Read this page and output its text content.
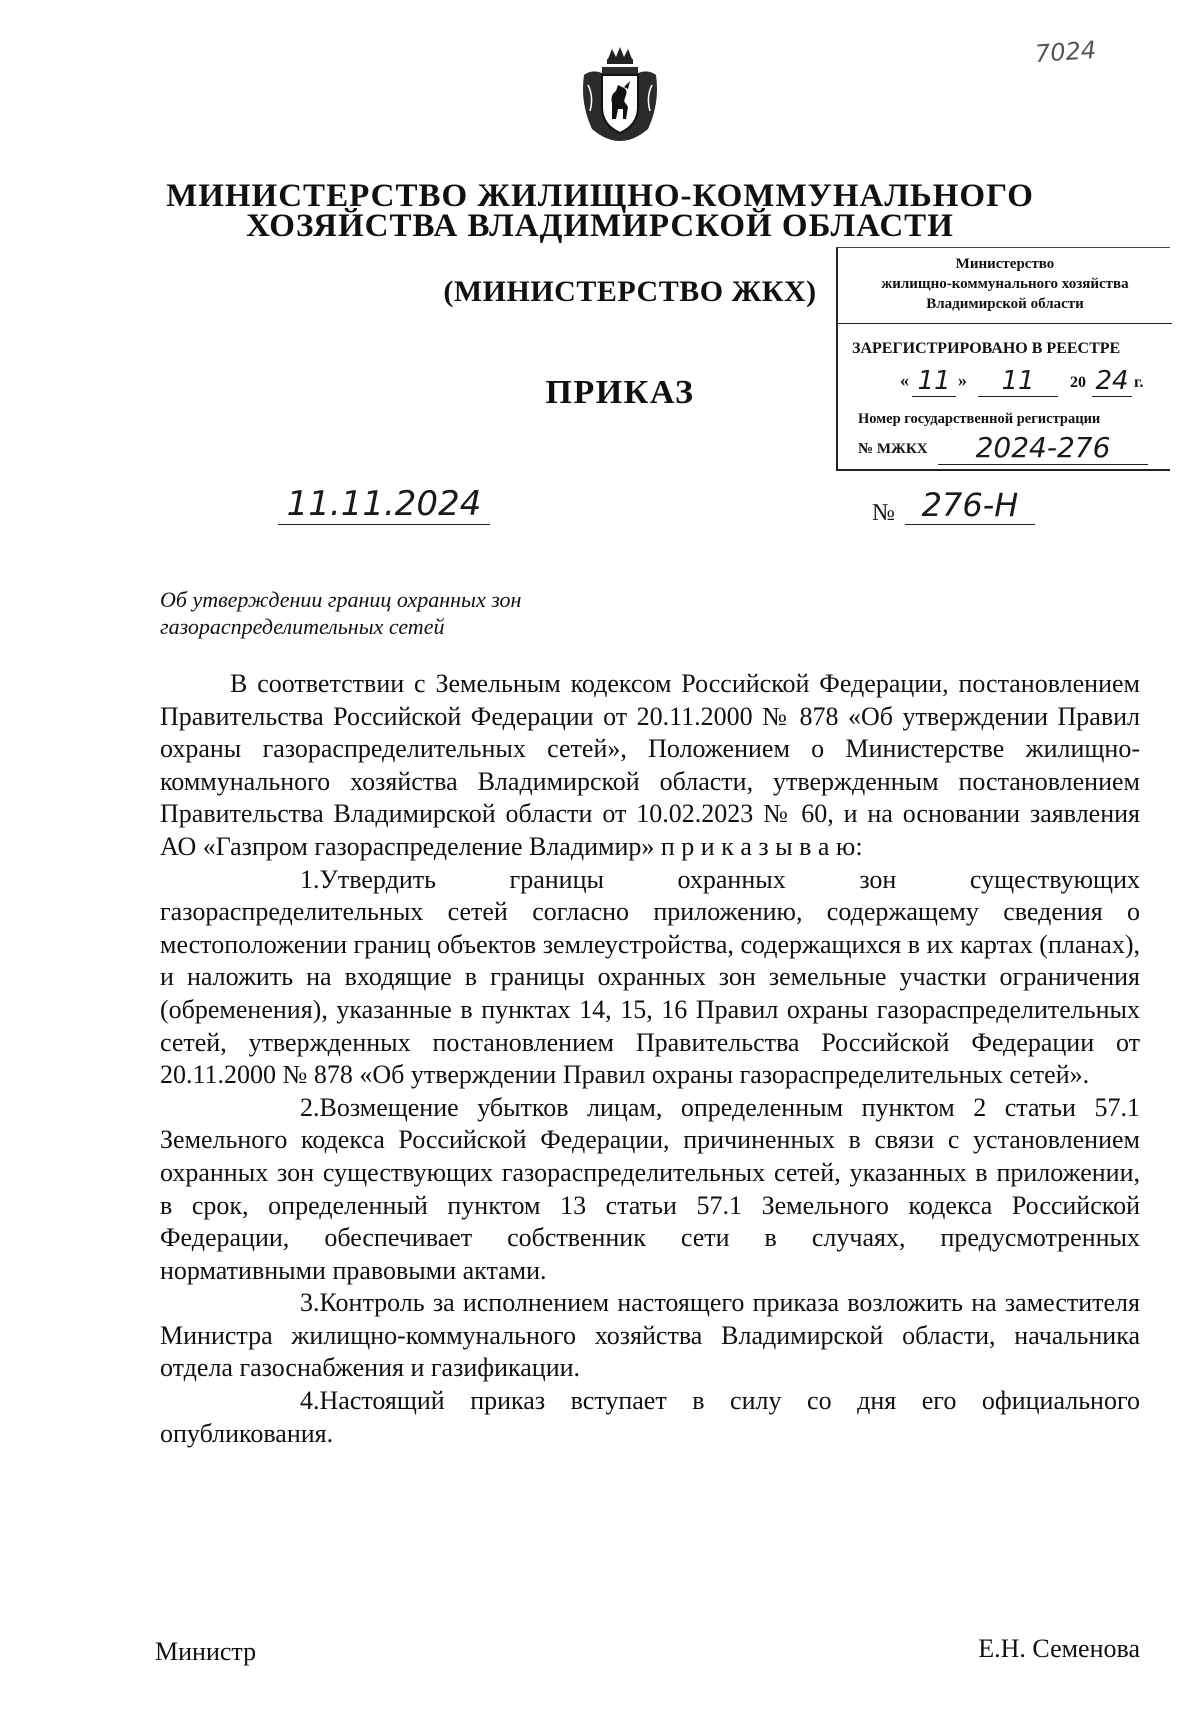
7024
МИНИСТЕРСТВО ЖИЛИЩНО-КОММУНАЛЬНОГО
ХОЗЯЙСТВА ВЛАДИМИРСКОЙ ОБЛАСТИ
(МИНИСТЕРСТВО ЖКХ)
ПРИКАЗ
Министерство
жилищно-коммунального хозяйства
Владимирской области
ЗАРЕГИСТРИРОВАНО В РЕЕСТРЕ
« 11 »	11	20 24 г.
Номер государственной регистрации
№ МЖКХ	2024-276
11.11.2024	№ 276-Н
Об утверждении границ охранных зон
газораспределительных сетей

В соответствии с Земельным кодексом Российской Федерации, постановлением Правительства Российской Федерации от 20.11.2000 № 878 «Об утверждении Правил охраны газораспределительных сетей», Положением о Министерстве жилищно-коммунального хозяйства Владимирской области, утвержденным постановлением Правительства Владимирской области от 10.02.2023 № 60, и на основании заявления АО «Газпром газораспределение Владимир» п р и к а з ы в а ю:

1.Утвердить границы охранных зон существующих газораспределительных сетей согласно приложению, содержащему сведения о местоположении границ объектов землеустройства, содержащихся в их картах (планах), и наложить на входящие в границы охранных зон земельные участки ограничения (обременения), указанные в пунктах 14, 15, 16 Правил охраны газораспределительных сетей, утвержденных постановлением Правительства Российской Федерации от 20.11.2000 № 878 «Об утверждении Правил охраны газораспределительных сетей».

2.Возмещение убытков лицам, определенным пунктом 2 статьи 57.1 Земельного кодекса Российской Федерации, причиненных в связи с установлением охранных зон существующих газораспределительных сетей, указанных в приложении, в срок, определенный пунктом 13 статьи 57.1 Земельного кодекса Российской Федерации, обеспечивает собственник сети в случаях, предусмотренных нормативными правовыми актами.

3.Контроль за исполнением настоящего приказа возложить на заместителя Министра жилищно-коммунального хозяйства Владимирской области, начальника отдела газоснабжения и газификации.

4.Настоящий приказ вступает в силу со дня его официального опубликования.

Министр	Е.Н. Семенова
